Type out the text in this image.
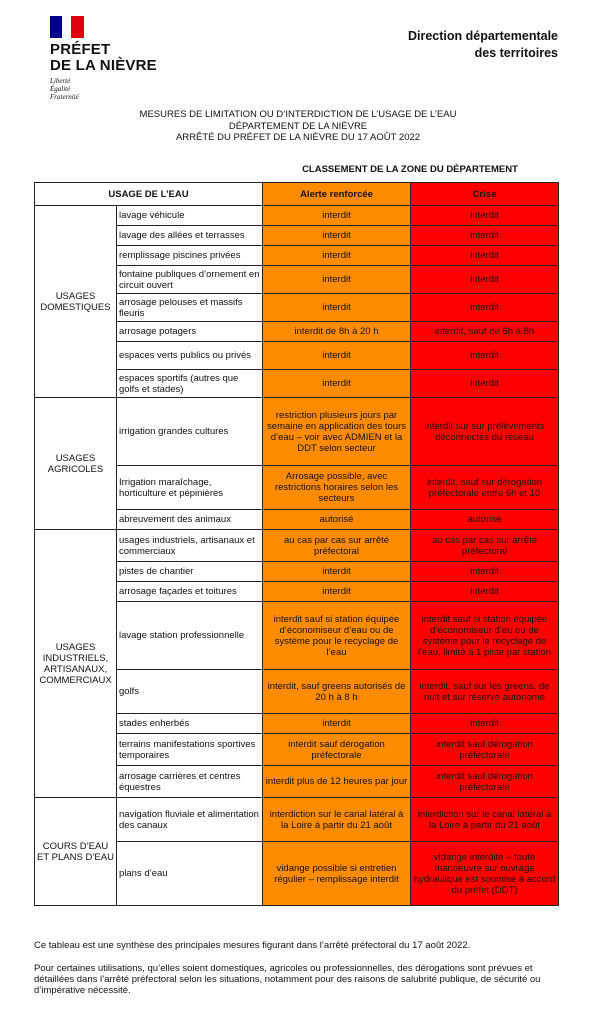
PRÉFET
DE LA NIÈVRE
Liberté
Égalité
Fraternité
Direction départementale
des territoires
MESURES DE LIMITATION OU D’INTERDICTION DE L’USAGE DE L’EAU
DÉPARTEMENT DE LA NIÈVRE
ARRÊTÉ DU PRÉFET DE LA NIÈVRE DU 17 AOÛT 2022
CLASSEMENT DE LA ZONE DU DÉPARTEMENT
USAGE DE L’EAU		Alerte renforcée	Crise
USAGES DOMESTIQUES	lavage véhicule	interdit	interdit
	lavage des allées et terrasses	interdit	interdit
	remplissage piscines privées	interdit	interdit
	fontaine publiques d’ornement en circuit ouvert	interdit	interdit
	arrosage pelouses et massifs fleuris	interdit	interdit
	arrosage potagers	interdit de 8h à 20 h	interdit, sauf de 6h à 8h
	espaces verts publics ou privés	interdit	interdit
	espaces sportifs (autres que golfs et stades)	interdit	interdit
USAGES AGRICOLES	irrigation grandes cultures	restriction plusieurs jours par semaine en application des tours d’eau – voir avec ADMIEN et la DDT selon secteur	interdit sur sur prélèvements déconnectés du réseau
	Irrigation maraîchage, horticulture et pépinières	Arrosage possible, avec restrictions horaires selon les secteurs	interdit, sauf sur dérogation préfectorale entre 6h et 10
	abreuvement des animaux	autorisé	autorisé
USAGES INDUSTRIELS, ARTISANAUX, COMMERCIAUX	usages industriels, artisanaux et commerciaux	au cas par cas sur arrêté préfectoral	au cas par cas sur arrêté préfectoral
	pistes de chantier	interdit	interdit
	arrosage façades et toitures	interdit	interdit
	lavage station professionnelle	interdit sauf si station équipée d’économiseur d’eau ou de système pour le recyclage de l’eau	interdit sauf si station équipée d’économiseur d’eu ou de système pour le recyclage de l’eau, limité à 1 piste par station
	golfs	interdit, sauf greens autorisés de 20 h à 8 h	interdit, sauf sur les greens, de nuit et sur réserve autonome
	stades enherbés	interdit	interdit
	terrains manifestations sportives temporaires	interdit sauf dérogation préfectorale	interdit sauf dérogation préfectorale
	arrosage carrières et centres équestres	interdit plus de 12 heures par jour	interdit sauf dérogation préfectorale
COURS D’EAU ET PLANS D’EAU	navigation fluviale et alimentation des canaux	interdiction sur le canal latéral à la Loire à partir du 21 août	interdiction sur le canal latéral à la Loire à partir du 21 août
	plans d’eau	vidange possible si entretien régulier – remplissage interdit	vidange interdite – toute manoeuvre sur ouvrage hydraulique est soumise à accord du préfet (DDT)
Ce tableau est une synthèse des principales mesures figurant dans l’arrêté préfectoral du 17 août 2022.
Pour certaines utilisations, qu’elles soient domestiques, agricoles ou professionnelles, des dérogations sont prévues et détaillées dans l’arrêté préfectoral selon les situations, notamment pour des raisons de salubrité publique, de sécurité ou d’impérative nécessité.
